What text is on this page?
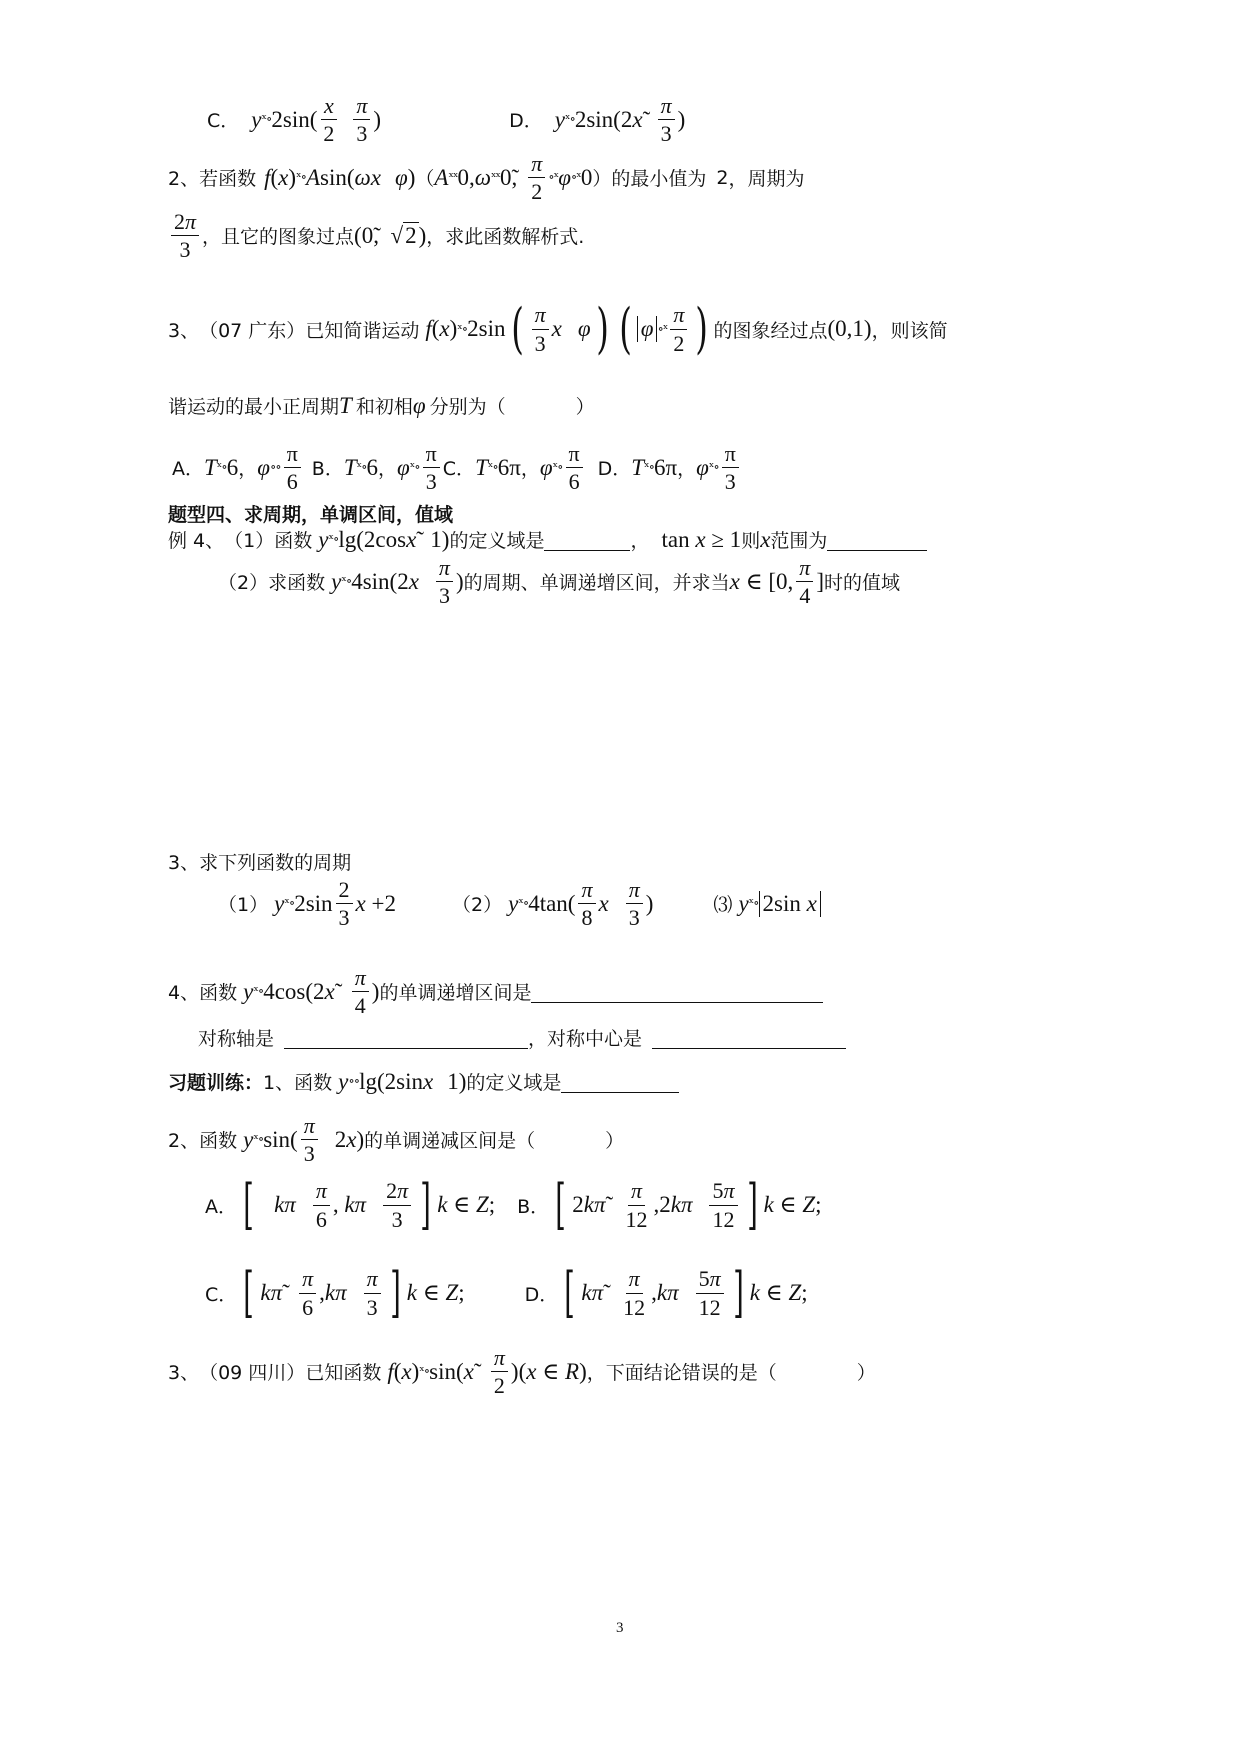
C． y ˣ∘ $2\sin( \frac{x}{2} \frac{\pi}{3}$ )	D． y ˣ∘ $2\sin(2x \frac{\pi}{3}$ )
2、 若函数 f (x) ˣ∘ Asin(ωx φ) （ A ˣˣ 0,ω ˣˣ 0̃, $\frac{\pi}{2}$ ∘ˣ φ ∘ˣ 0 ） 的最小值为 2 ，周期为
$\frac{2\pi}{3}$ ，且它的图象过点 (0̃, √ 2 ) ，求此函数解析式.
3、 （07 广东） 已知简谐运动 f (x) ˣ∘ 2sin ( $\frac{\pi}{3}$ x φ ) ( φ ∘ˣ $\frac{\pi}{2}$ ) 的图象经过点 (0,1) ，则该简
谐运动的最小正周期 T 和初相 φ 分别为（	）
A． T ˣ∘ 6 ， φ ∘∘ $\frac{\pi}{6}$ B． T ˣ∘ 6 ， φ ˣ∘ $\frac{\pi}{3}$ C． T ˣ∘ 6π ， φ ˣ∘ $\frac{\pi}{6}$ D． T ˣ∘ 6π ， φ ˣ∘ $\frac{\pi}{3}$
题型四、求周期，单调区间，值域
例 4、 （1）函数 y ˣ∘ lg(2cosx 1) 的定义域是	， tan x ≥ 1 则 x 范围为
（2）求函数 y ˣ∘ $4\sin(2x \frac{\pi}{3}$ ) 的周期、单调递增区间，并求当 x ∈ [0, $\frac{\pi}{4}$ ] 时的值域
3、 求下列函数的周期
（1） y ˣ∘ $2\sin \frac{2}{3}$ x +2	（2） y ˣ∘ $4\tan( \frac{\pi}{8}$ x $\frac{\pi}{3}$ )	⑶ y ˣ∘ 2sin x
4、 函数 y ˣ∘ $4\cos(2x \frac{\pi}{4}$ ) 的单调递增区间是
对称轴是	，对称中心是
习题训练： 1、函数 y ∘∘ lg(2sinx 1) 的定义域是
2、 函数 y ˣ∘ $\sin( \frac{\pi}{3} 2x)$ 的单调递减区间是（	）
A． [ kπ $\frac{\pi}{6}$ , kπ $\frac{2\pi}{3}$ ] k ∈ Z; B． [ $2k\pi \frac{\pi}{12} ,2k\pi \frac{5\pi}{12}$ ] k ∈ Z;
C． [ kπ $\frac{\pi}{6} ,k\pi \frac{\pi}{3}$ ] k ∈ Z;	D． [ kπ $\frac{\pi}{12} ,k\pi \frac{5\pi}{12}$ ] k ∈ Z;
3、 （09 四川） 已知函数 f (x) ˣ∘ $\sin(x \frac{\pi}{2} )(x$ ∈ R) ，下面结论错误的是（	）
3
